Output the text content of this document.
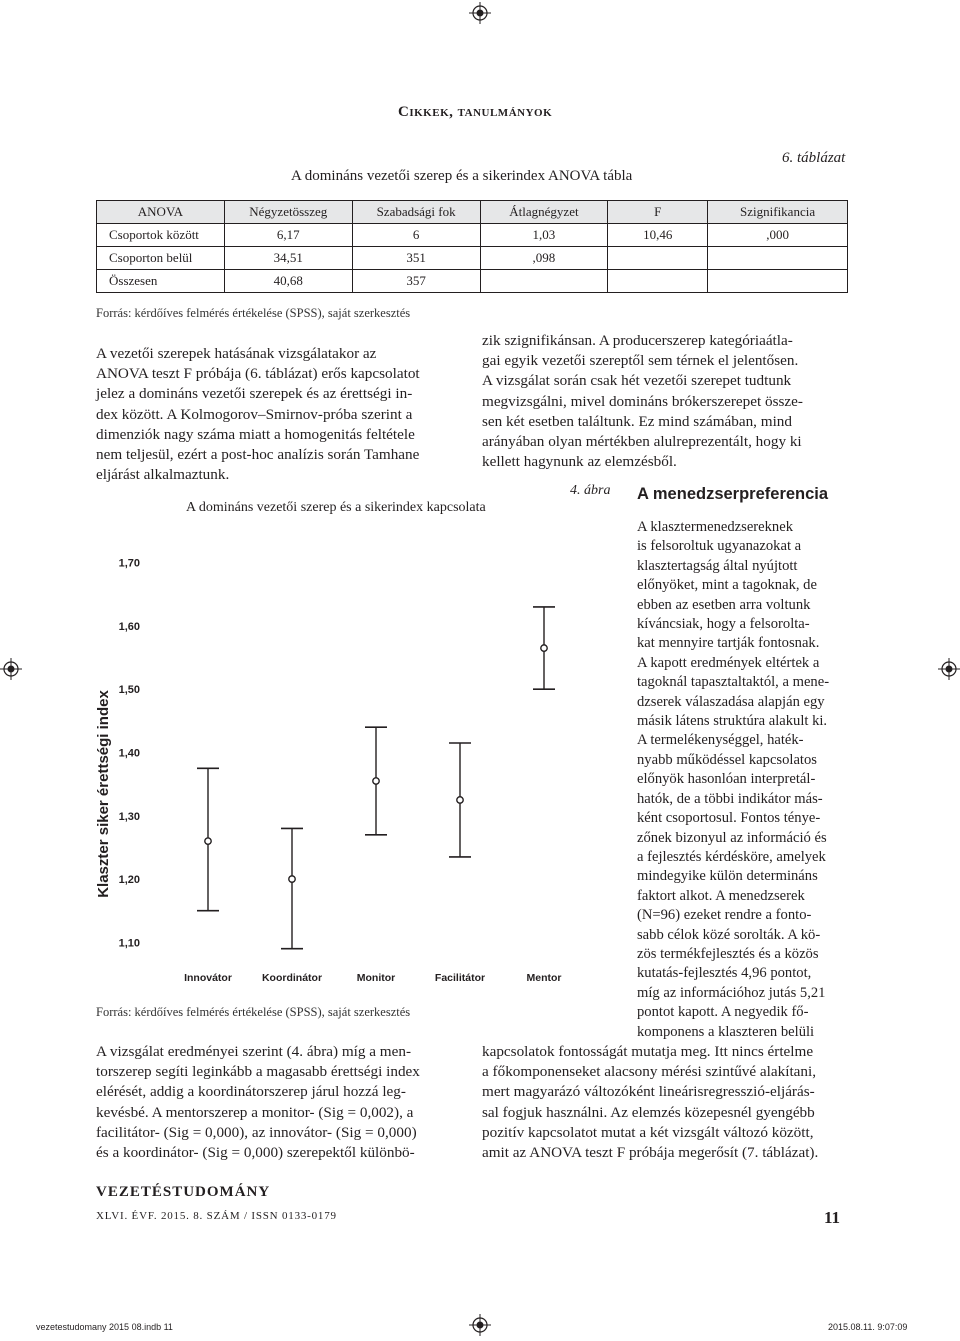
Cikkek, tanulmányok
6. táblázat
A domináns vezetői szerep és a sikerindex ANOVA tábla
ANOVA	Négyzetösszeg	Szabadsági fok	Átlagnégyzet	F	Szignifikancia
Csoportok között	6,17	6	1,03	10,46	,000
Csoporton belül	34,51	351	,098		
Összesen	40,68	357			
Forrás: kérdőíves felmérés értékelése (SPSS), saját szerkesztés
A vezetői szerepek hatásának vizsgálatakor az
ANOVA teszt F próbája (6. táblázat) erős kapcsolatot
jelez a domináns vezetői szerepek és az érettségi in-
dex között. A Kolmogorov–Smirnov-próba szerint a
dimenziók nagy száma miatt a homogenitás feltétele
nem teljesül, ezért a post-hoc analízis során Tamhane
eljárást alkalmaztunk.
zik szignifikánsan. A producerszerep kategóriaátla-
gai egyik vezetői szereptől sem térnek el jelentősen.
A vizsgálat során csak hét vezetői szerepet tudtunk
megvizsgálni, mivel domináns brókerszerepet össze-
sen két esetben találtunk. Ez mind számában, mind
arányában olyan mértékben alulreprezentált, hogy ki
kellett hagynunk az elemzésből.
4. ábra
A domináns vezetői szerep és a sikerindex kapcsolata
Klaszter siker érettségi index
1,10
1,20
1,30
1,40
1,50
1,60
1,70
Innovátor	Koordinátor	Monitor	Facilitátor	Mentor
Forrás: kérdőíves felmérés értékelése (SPSS), saját szerkesztés
A vizsgálat eredményei szerint (4. ábra) míg a men-
torszerep segíti leginkább a magasabb érettségi index
elérését, addig a koordinátorszerep járul hozzá leg-
kevésbé. A mentorszerep a monitor- (Sig = 0,002), a
facilitátor- (Sig = 0,000), az innovátor- (Sig = 0,000)
és a koordinátor- (Sig = 0,000) szerepektől különbö-
A menedzserpreferencia
A klasztermenedzsereknek
is felsoroltuk ugyanazokat a
klasztertagság által nyújtott
előnyöket, mint a tagoknak, de
ebben az esetben arra voltunk
kíváncsiak, hogy a felsorolta-
kat mennyire tartják fontosnak.
A kapott eredmények eltértek a
tagoknál tapasztaltaktól, a mene-
dzserek válaszadása alapján egy
másik látens struktúra alakult ki.
A termelékenységgel, haték-
nyabb működéssel kapcsolatos
előnyök hasonlóan interpretál-
hatók, de a többi indikátor más-
ként csoportosul. Fontos ténye-
zőnek bizonyul az információ és
a fejlesztés kérdésköre, amelyek
mindegyike külön determináns
faktort alkot. A menedzserek
(N=96) ezeket rendre a fonto-
sabb célok közé sorolták. A kö-
zös termékfejlesztés és a közös
kutatás-fejlesztés 4,96 pontot,
míg az információhoz jutás 5,21
pontot kapott. A negyedik fő-
komponens a klaszteren belüli
kapcsolatok fontosságát mutatja meg. Itt nincs értelme
a főkomponenseket alacsony mérési szintűvé alakítani,
mert magyarázó változóként lineárisregresszió-eljárás-
sal fogjuk használni. Az elemzés közepesnél gyengébb
pozitív kapcsolatot mutat a két vizsgált változó között,
amit az ANOVA teszt F próbája megerősít (7. táblázat).
VEZETÉSTUDOMÁNY
XLVI. ÉVF. 2015. 8. SZÁM / ISSN 0133-0179	11
vezetestudomany 2015 08.indb 11	2015.08.11. 9:07:09
